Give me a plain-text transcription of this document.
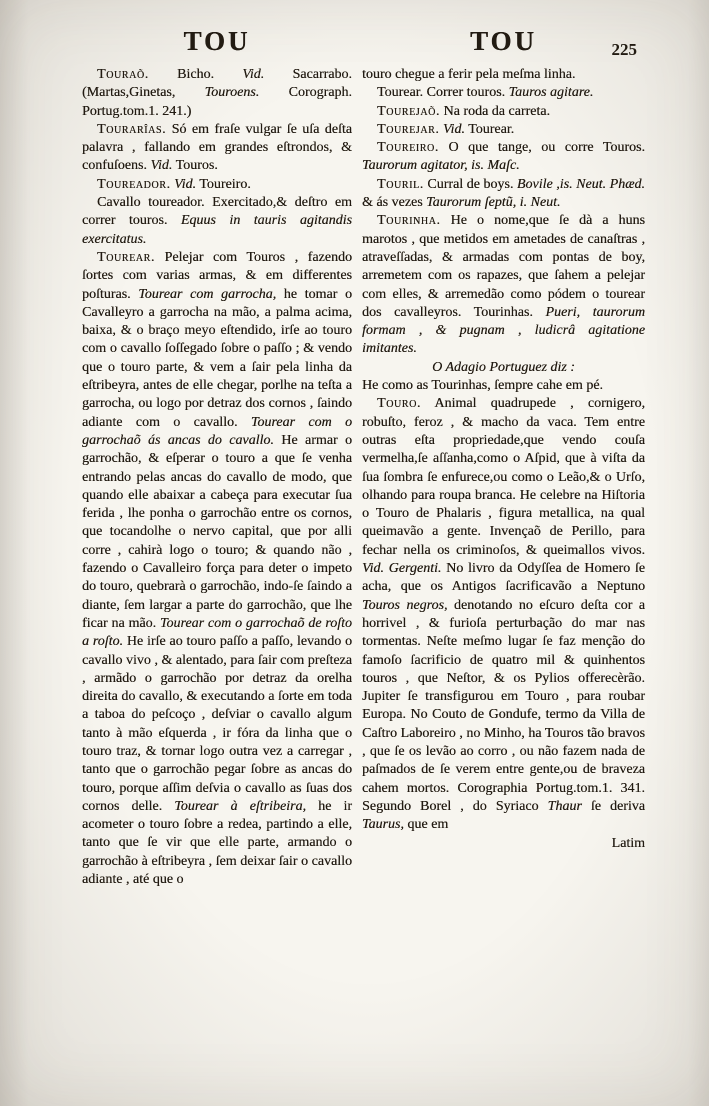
TOU	TOU	225

Touraõ. Bicho. Vid. Sacarrabo. (Martas,Ginetas, Touroens. Corograph. Portug.tom.1. 241.)

Tourarîas. Só em fraſe vulgar ſe uſa deſta palavra , fallando em grandes eſtrondos, & confuſoens. Vid. Touros.

Toureador. Vid. Toureiro.

Cavallo toureador. Exercitado,& deſtro em correr touros. Equus in tauris agitandis exercitatus.

Tourear. Pelejar com Touros , fazendo ſortes com varias armas, & em differentes poſturas. Tourear com garrocha, he tomar o Cavalleyro a garrocha na mão, a palma acima, baixa, & o braço meyo eſtendido, irſe ao touro com o cavallo ſoſſegado ſobre o paſſo ; & vendo que o touro parte, & vem a ſair pela linha da eſtribeyra, antes de elle chegar, porlhe na teſta a garrocha, ou logo por detraz dos cornos , ſaindo adiante com o cavallo. Tourear com o garrochaõ ás ancas do cavallo. He armar o garrochão, & eſperar o touro a que ſe venha entrando pelas ancas do cavallo de modo, que quando elle abaixar a cabeça para executar ſua ferida , lhe ponha o garrochão entre os cornos, que tocandolhe o nervo capital, que por alli corre , cahirà logo o touro; & quando não , fazendo o Cavalleiro força para deter o impeto do touro, quebrarà o garrochão, indo-ſe ſaindo a diante, ſem largar a parte do garrochão, que lhe ficar na mão. Tourear com o garrochaõ de roſto a roſto. He irſe ao touro paſſo a paſſo, levando o cavallo vivo , & alentado, para ſair com preſteza , armãdo o garrochão por detraz da orelha direita do cavallo, & executando a ſorte em toda a taboa do peſcoço , deſviar o cavallo algum tanto à mão eſquerda , ir fóra da linha que o touro traz, & tornar logo outra vez a carregar , tanto que o garrochão pegar ſobre as ancas do touro, porque aſſim deſvia o cavallo as ſuas dos cornos delle. Tourear à eſtribeira, he ir acometer o touro ſobre a redea, partindo a elle, tanto que ſe vir que elle parte, armando o garrochão à eſtribeyra , ſem deixar ſair o cavallo adiante , até que o

touro chegue a ferir pela meſma linha.

Tourear. Correr touros. Tauros agitare.

Tourejaõ. Na roda da carreta.

Tourejar. Vid. Tourear.

Toureiro. O que tange, ou corre Touros. Taurorum agitator, is. Maſc.

Touril. Curral de boys. Bovile ,is. Neut. Phæd. & ás vezes Taurorum ſeptũ, i. Neut.

Tourinha. He o nome,que ſe dà a huns marotos , que metidos em ametades de canaſtras , atraveſſadas, & armadas com pontas de boy, arremetem com os rapazes, que ſahem a pelejar com elles, & arremedão como pódem o tourear dos cavalleyros. Tourinhas. Pueri, taurorum formam , & pugnam , ludicrâ agitatione imitantes.

O Adagio Portuguez diz :

He como as Tourinhas, ſempre cahe em pé.

Touro. Animal quadrupede , cornigero, robuſto, feroz , & macho da vaca. Tem entre outras eſta propriedade,que vendo couſa vermelha,ſe aſſanha,como o Aſpid, que à viſta da ſua ſombra ſe enfurece,ou como o Leão,& o Urſo, olhando para roupa branca. He celebre na Hiſtoria o Touro de Phalaris , figura metallica, na qual queimavão a gente. Invençaõ de Perillo, para fechar nella os criminoſos, & queimallos vivos. Vid. Gergenti. No livro da Odyſſea de Homero ſe acha, que os Antigos ſacrificavão a Neptuno Touros negros, denotando no eſcuro deſta cor a horrivel , & furioſa perturbação do mar nas tormentas. Neſte meſmo lugar ſe faz menção do famoſo ſacrificio de quatro mil & quinhentos touros , que Neſtor, & os Pylios offerecèrão. Jupiter ſe transfigurou em Touro , para roubar Europa. No Couto de Gondufe, termo da Villa de Caſtro Laboreiro , no Minho, ha Touros tão bravos , que ſe os levão ao corro , ou não fazem nada de paſmados de ſe verem entre gente,ou de braveza cahem mortos. Corographia Portug.tom.1. 341. Segundo Borel , do Syriaco Thaur ſe deriva Taurus, que em

Latim
